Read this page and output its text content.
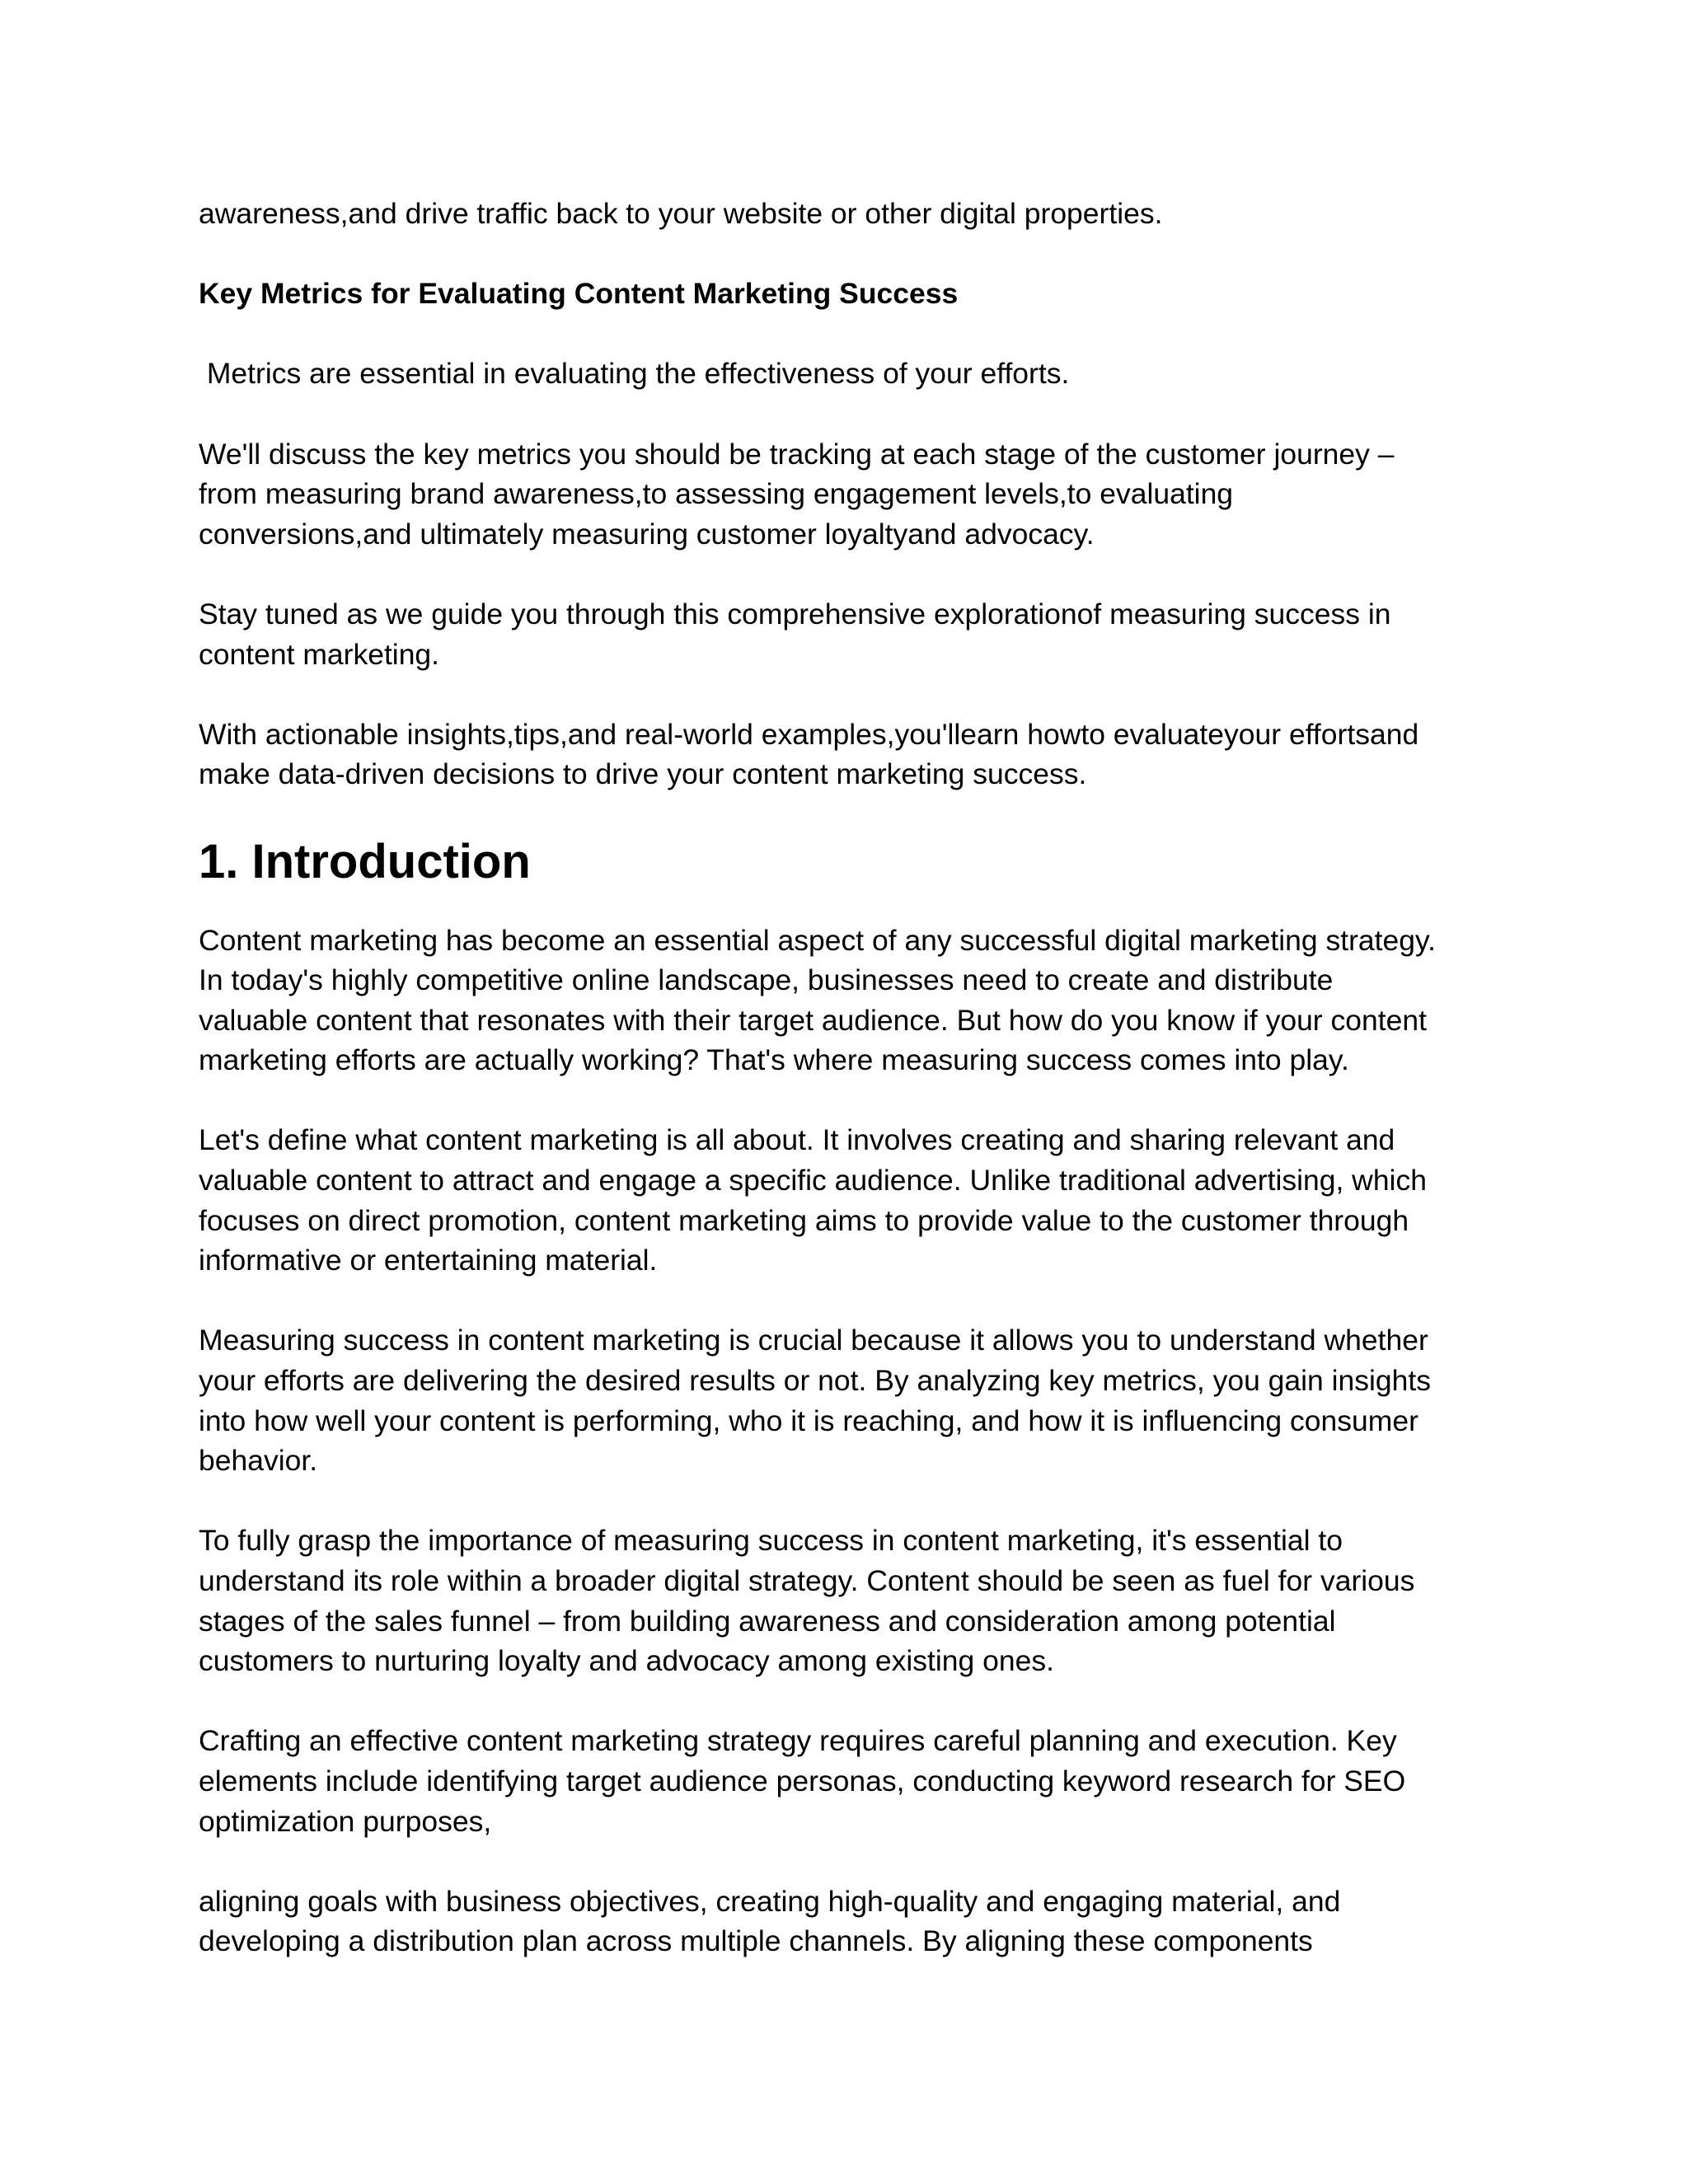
awareness,and drive traffic back to your website or other digital properties.

Key Metrics for Evaluating Content Marketing Success

Metrics are essential in evaluating the effectiveness of your efforts.

We'll discuss the key metrics you should be tracking at each stage of the customer journey –
from measuring brand awareness,to assessing engagement levels,to evaluating
conversions,and ultimately measuring customer loyaltyand advocacy.

Stay tuned as we guide you through this comprehensive explorationof measuring success in
content marketing.

With actionable insights,tips,and real-world examples,you'llearn howto evaluateyour effortsand
make data-driven decisions to drive your content marketing success.

1. Introduction

Content marketing has become an essential aspect of any successful digital marketing strategy.
In today's highly competitive online landscape, businesses need to create and distribute
valuable content that resonates with their target audience. But how do you know if your content
marketing efforts are actually working? That's where measuring success comes into play.

Let's define what content marketing is all about. It involves creating and sharing relevant and
valuable content to attract and engage a specific audience. Unlike traditional advertising, which
focuses on direct promotion, content marketing aims to provide value to the customer through
informative or entertaining material.

Measuring success in content marketing is crucial because it allows you to understand whether
your efforts are delivering the desired results or not. By analyzing key metrics, you gain insights
into how well your content is performing, who it is reaching, and how it is influencing consumer
behavior.

To fully grasp the importance of measuring success in content marketing, it's essential to
understand its role within a broader digital strategy. Content should be seen as fuel for various
stages of the sales funnel – from building awareness and consideration among potential
customers to nurturing loyalty and advocacy among existing ones.

Crafting an effective content marketing strategy requires careful planning and execution. Key
elements include identifying target audience personas, conducting keyword research for SEO
optimization purposes,

aligning goals with business objectives, creating high-quality and engaging material, and
developing a distribution plan across multiple channels. By aligning these components
